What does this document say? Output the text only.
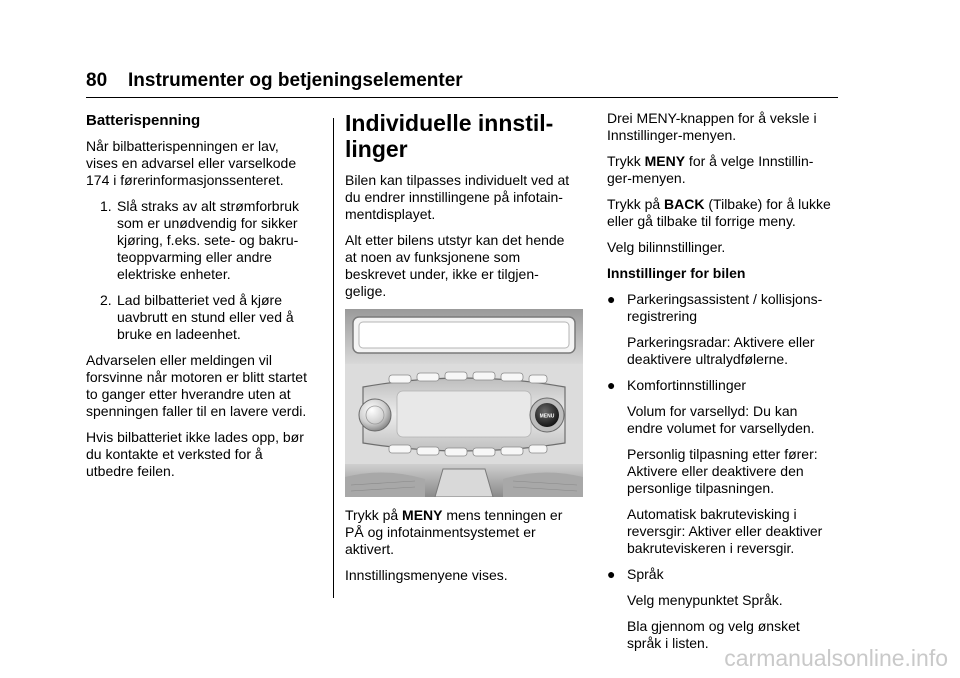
80 Instrumenter og betjeningselementer
Batterispenning

Når bilbatterispenningen er lav,
vises en advarsel eller varselkode
174 i førerinformasjonssenteret.

1. Slå straks av alt strømforbruk
som er unødvendig for sikker
kjøring, f.eks. sete- og bakru-
teoppvarming eller andre
elektriske enheter.
2. Lad bilbatteriet ved å kjøre
uavbrutt en stund eller ved å
bruke en ladeenhet.

Advarselen eller meldingen vil
forsvinne når motoren er blitt startet
to ganger etter hverandre uten at
spenningen faller til en lavere verdi.

Hvis bilbatteriet ikke lades opp, bør
du kontakte et verksted for å
utbedre feilen.

Individuelle innstil-
linger

Bilen kan tilpasses individuelt ved at
du endrer innstillingene på infotain-
mentdisplayet.

Alt etter bilens utstyr kan det hende
at noen av funksjonene som
beskrevet under, ikke er tilgjen-
gelige.

MENU

Trykk på MENY mens tenningen er
PÅ og infotainmentsystemet er
aktivert.

Innstillingsmenyene vises.

Drei MENY-knappen for å veksle i
Innstillinger-menyen.

Trykk MENY for å velge Innstillin-
ger-menyen.

Trykk på BACK (Tilbake) for å lukke
eller gå tilbake til forrige meny.

Velg bilinnstillinger.

Innstillinger for bilen
● Parkeringsassistent / kollisjons-
registrering
Parkeringsradar: Aktivere eller
deaktivere ultralydfølerne.
● Komfortinnstillinger
Volum for varsellyd: Du kan
endre volumet for varsellyden.
Personlig tilpasning etter fører:
Aktivere eller deaktivere den
personlige tilpasningen.
Automatisk bakrutevisking i
reversgir: Aktiver eller deaktiver
bakruteviskeren i reversgir.
● Språk
Velg menypunktet Språk.
Bla gjennom og velg ønsket
språk i listen.
carmanualsonline.info
